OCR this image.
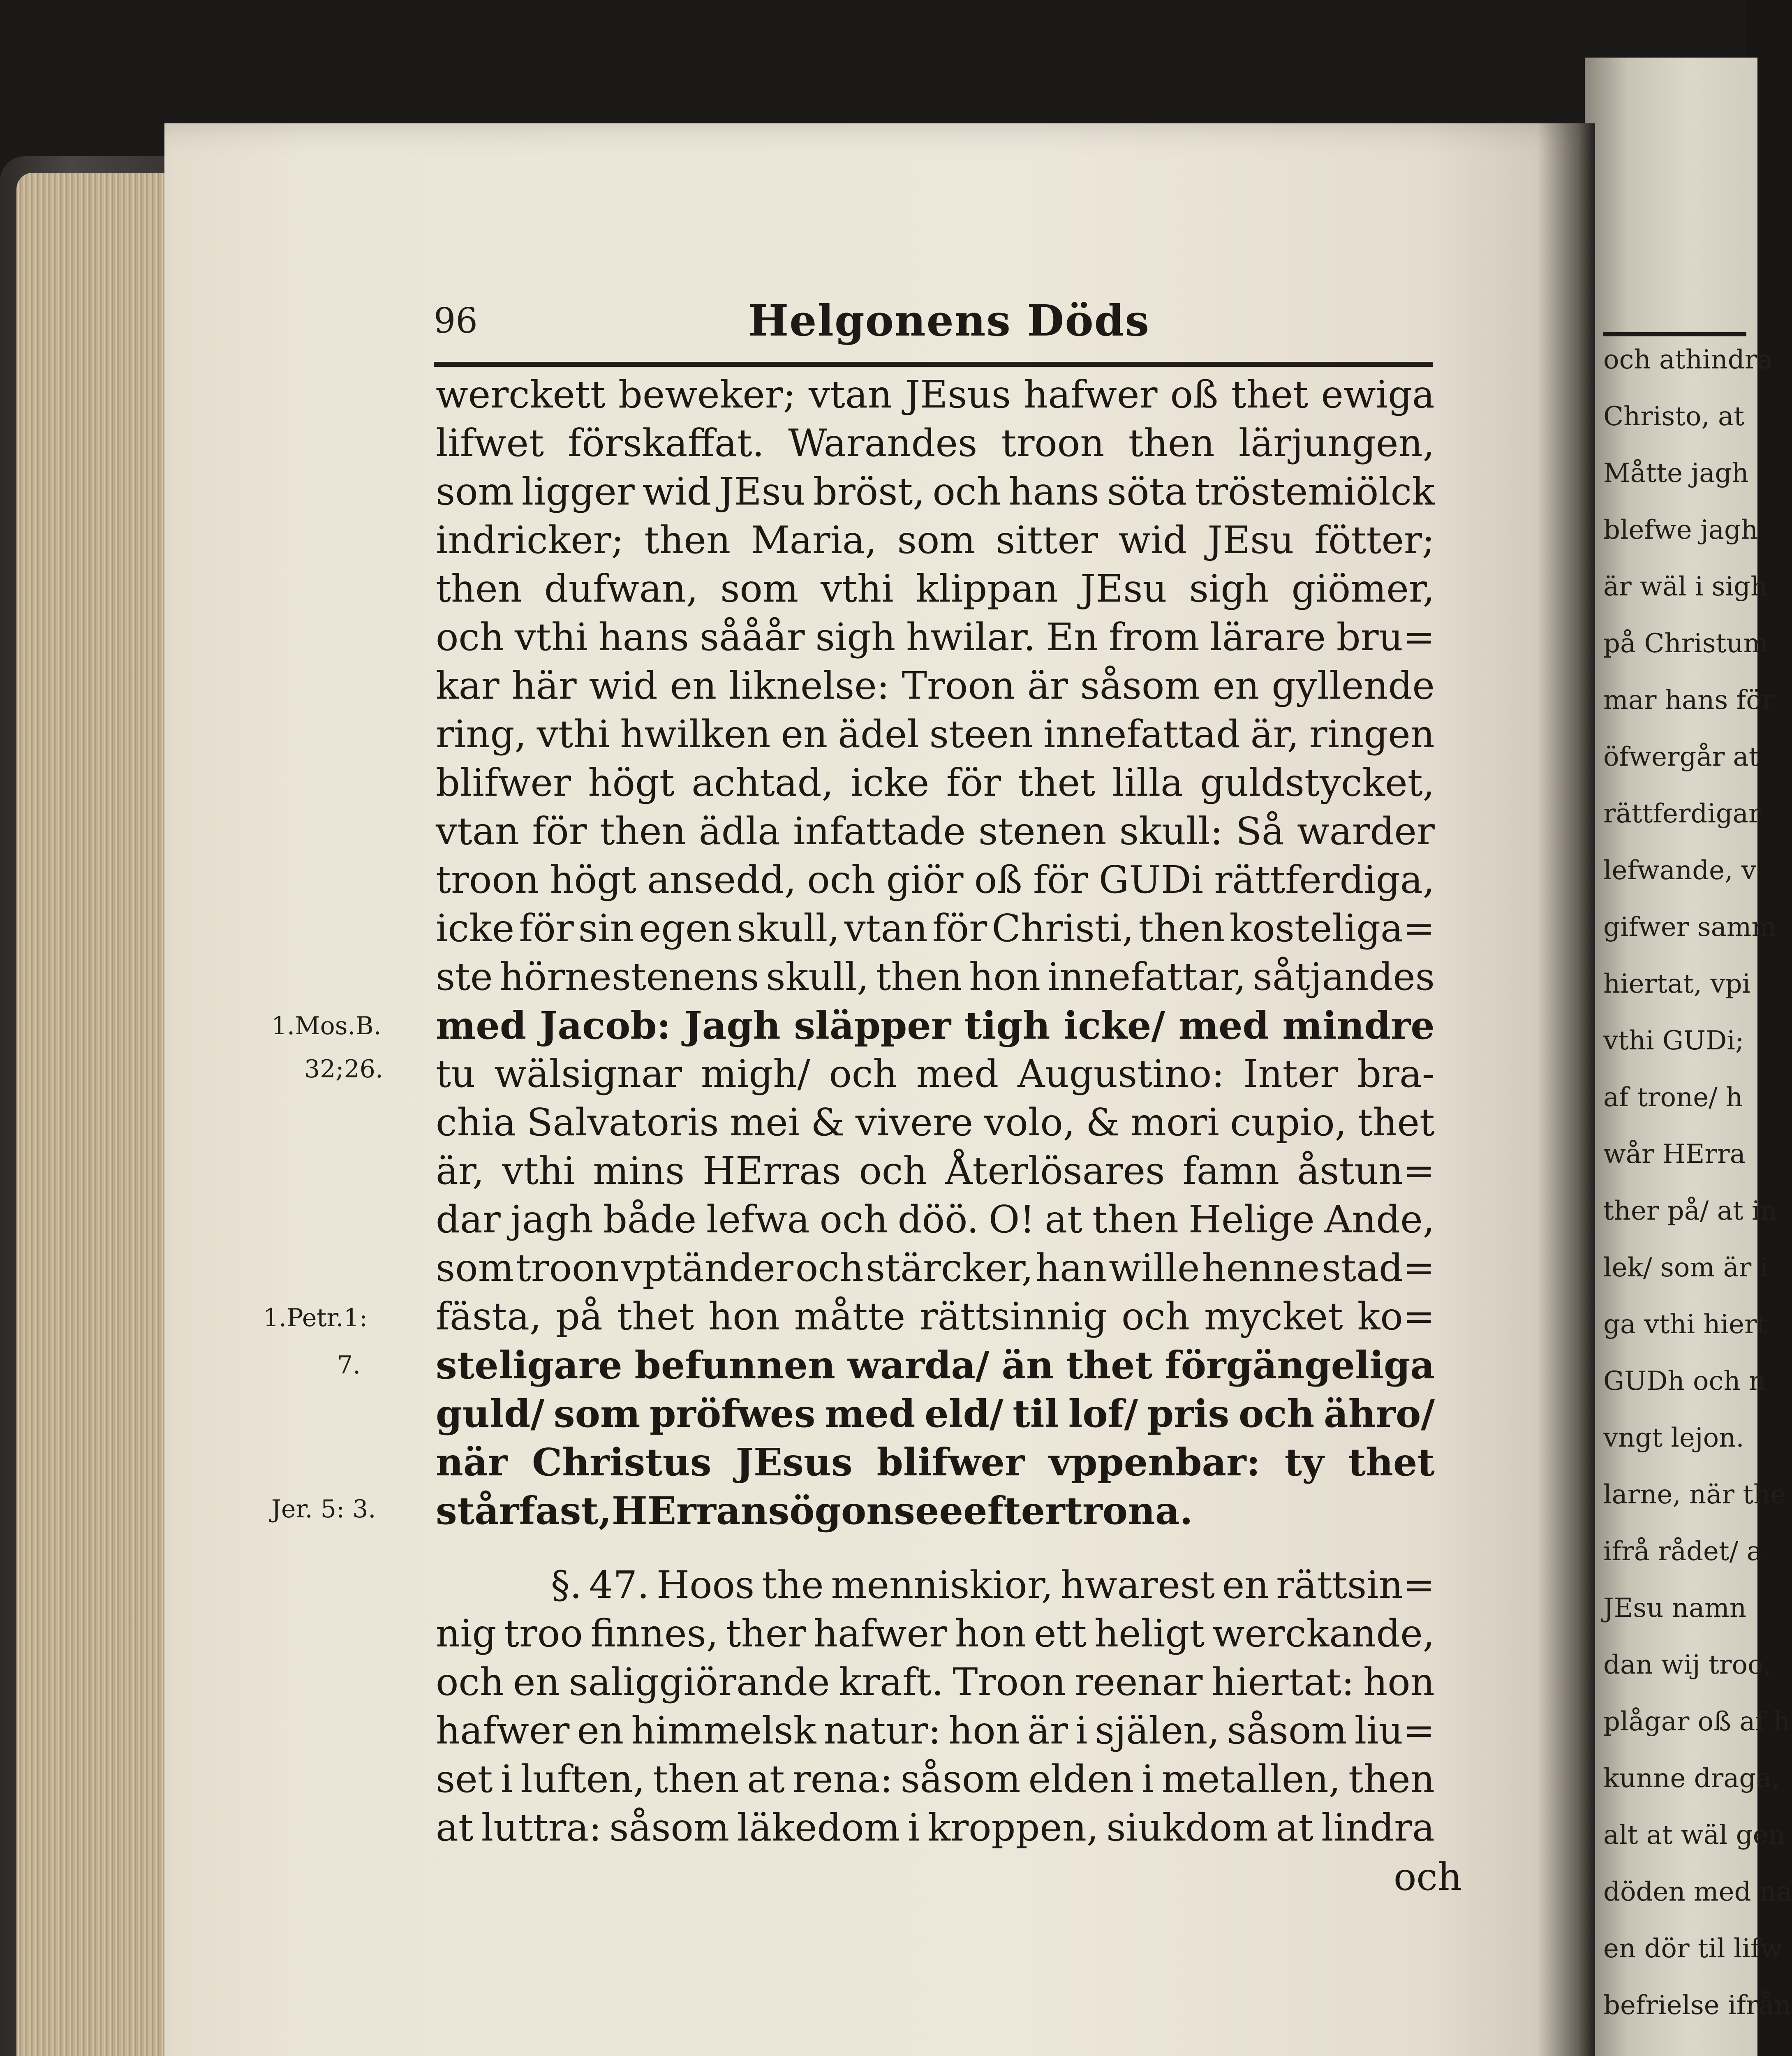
96	Helgonens Döds
werckett beweker; vtan JEsus hafwer oß thet ewiga
lifwet förskaffat. Warandes troon then lärjungen,
som ligger wid JEsu bröst, och hans söta tröstemiölck
indricker; then Maria, som sitter wid JEsu fötter;
then dufwan, som vthi klippan JEsu sigh giömer,
och vthi hans sååår sigh hwilar. En from lärare bru=
kar här wid en liknelse: Troon är såsom en gyllende
ring, vthi hwilken en ädel steen innefattad är, ringen
blifwer högt achtad, icke för thet lilla guldstycket,
vtan för then ädla infattade stenen skull: Så warder
troon högt ansedd, och giör oß för GUDi rättferdiga,
icke för sin egen skull, vtan för Christi, then kosteliga=
ste hörnestenens skull, then hon innefattar, såtjandes
med Jacob: Jagh släpper tigh icke/ med mindre
tu wälsignar migh/ och med Augustino: Inter bra-
chia Salvatoris mei & vivere volo, & mori cupio, thet
är, vthi mins HErras och Återlösares famn åstun=
dar jagh både lefwa och döö. O! at then Helige Ande,
som troon vptänder och stärcker, han wille henne stad=
fästa, på thet hon måtte rättsinnig och mycket ko=
steligare befunnen warda/ än thet förgängeliga
guld/ som pröfwes med eld/ til lof/ pris och ähro/
när Christus JEsus blifwer vppenbar: ty thet
står fast, HErrans ögon see efter trona.
§. 47. Hoos the menniskior, hwarest en rättsin=
nig troo finnes, ther hafwer hon ett heligt werckande,
och en saliggiörande kraft. Troon reenar hiertat: hon
hafwer en himmelsk natur: hon är i själen, såsom liu=
set i luften, then at rena: såsom elden i metallen, then
at luttra: såsom läkedom i kroppen, siukdom at lindra
och
1.Mos.B.
32;26.
1.Petr.1:
7.
Jer. 5: 3.
och athindra
Christo, at
Måtte jagh
blefwe jagh
är wäl i sigh
på Christum
mar hans för
öfwergår at
rättferdigar
lefwande, v
gifwer samm
hiertat, vpi
vthi GUDi;
af trone/ h
wår HErra
ther på/ at in
lek/ som är i
ga vthi hiert
GUDh och n
vngt lejon.
larne, när the
ifrå rådet/ a
JEsu namn
dan wij troo,
plågar oß af h
kunne draga,
alt at wäl gen
döden med na
en dör til lifw
befrielse ifrån
